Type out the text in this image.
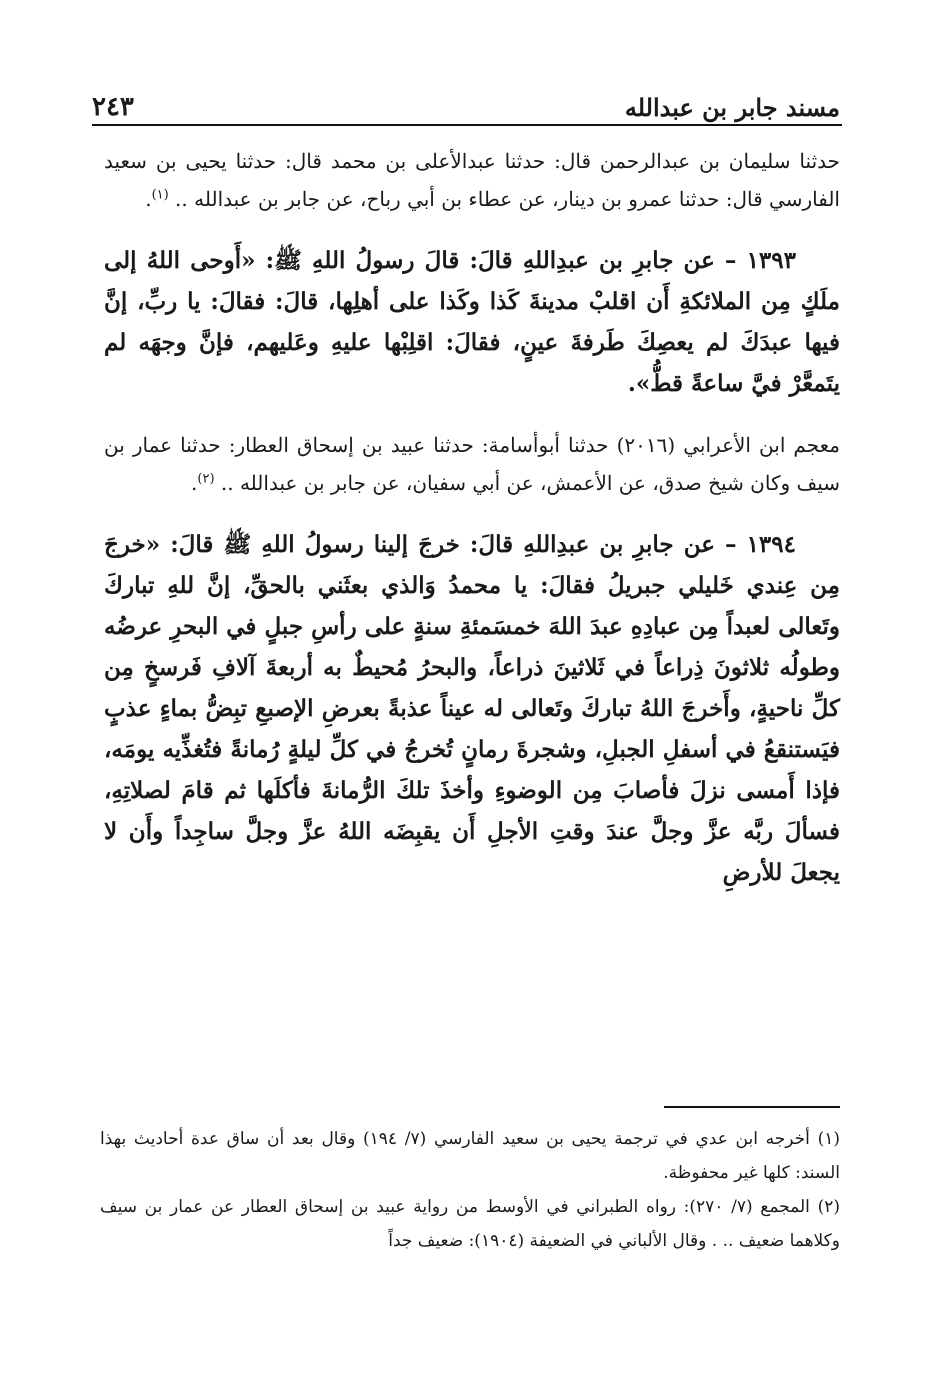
مسند جابر بن عبدالله
٢٤٣

حدثنا سليمان بن عبدالرحمن قال: حدثنا عبدالأعلى بن محمد قال: حدثنا يحيى بن سعيد الفارسي قال: حدثنا عمرو بن دينار، عن عطاء بن أبي رباح، عن جابر بن عبدالله .. $^{(١)}$.

١٣٩٣ – عن جابرِ بن عبدِاللهِ قالَ: قالَ رسولُ اللهِ ﷺ: «أَوحى اللهُ إلى ملَكٍ مِن الملائكةِ أَن اقلبْ مدينةَ كَذا وكَذا على أهلِها، قالَ: فقالَ: يا ربِّ، إنَّ فيها عبدَكَ لم يعصِكَ طَرفةَ عينٍ، فقالَ: اقلِبْها عليهِ وعَليهم، فإنَّ وجهَه لم يتَمعَّرْ فيَّ ساعةً قطُّ».

معجم ابن الأعرابي (٢٠١٦) حدثنا أبوأسامة: حدثنا عبيد بن إسحاق العطار: حدثنا عمار بن سيف وكان شيخ صدق، عن الأعمش، عن أبي سفيان، عن جابر بن عبدالله .. $^{(٢)}$.

١٣٩٤ – عن جابرِ بن عبدِاللهِ قالَ: خرجَ إلينا رسولُ اللهِ ﷺ قالَ: «خرجَ مِن عِندي خَليلي جبريلُ فقالَ: يا محمدُ وَالذي بعثَني بالحقِّ، إنَّ للهِ تباركَ وتَعالى لعبداً مِن عبادِهِ عبدَ اللهَ خمسَمئةِ سنةٍ على رأسِ جبلٍ في البحرِ عرضُه وطولُه ثلاثونَ ذِراعاً في ثَلاثينَ ذراعاً، والبحرُ مُحيطٌ به أربعةَ آلافِ فَرسخٍ مِن كلِّ ناحيةٍ، وأَخرجَ اللهُ تباركَ وتَعالى له عيناً عذبةً بعرضِ الإصبعِ تبِضُّ بماءٍ عذبٍ فيَستنقعُ في أسفلِ الجبلِ، وشجرةَ رمانٍ تُخرجُ في كلِّ ليلةٍ رُمانةً فتُغذِّيه يومَه، فإذا أَمسى نزلَ فأصابَ مِن الوضوءِ وأخذَ تلكَ الرُّمانةَ فأكلَها ثم قامَ لصلاتِهِ، فسألَ ربَّه عزَّ وجلَّ عندَ وقتِ الأجلِ أَن يقبِضَه اللهُ عزَّ وجلَّ ساجِداً وأَن لا يجعلَ للأرضِ

(١) أخرجه ابن عدي في ترجمة يحيى بن سعيد الفارسي (٧/ ١٩٤) وقال بعد أن ساق عدة أحاديث بهذا السند: كلها غير محفوظة.

(٢) المجمع (٧/ ٢٧٠): رواه الطبراني في الأوسط من رواية عبيد بن إسحاق العطار عن عمار بن سيف وكلاهما ضعيف .. . وقال الألباني في الضعيفة (١٩٠٤): ضعيف جداً
